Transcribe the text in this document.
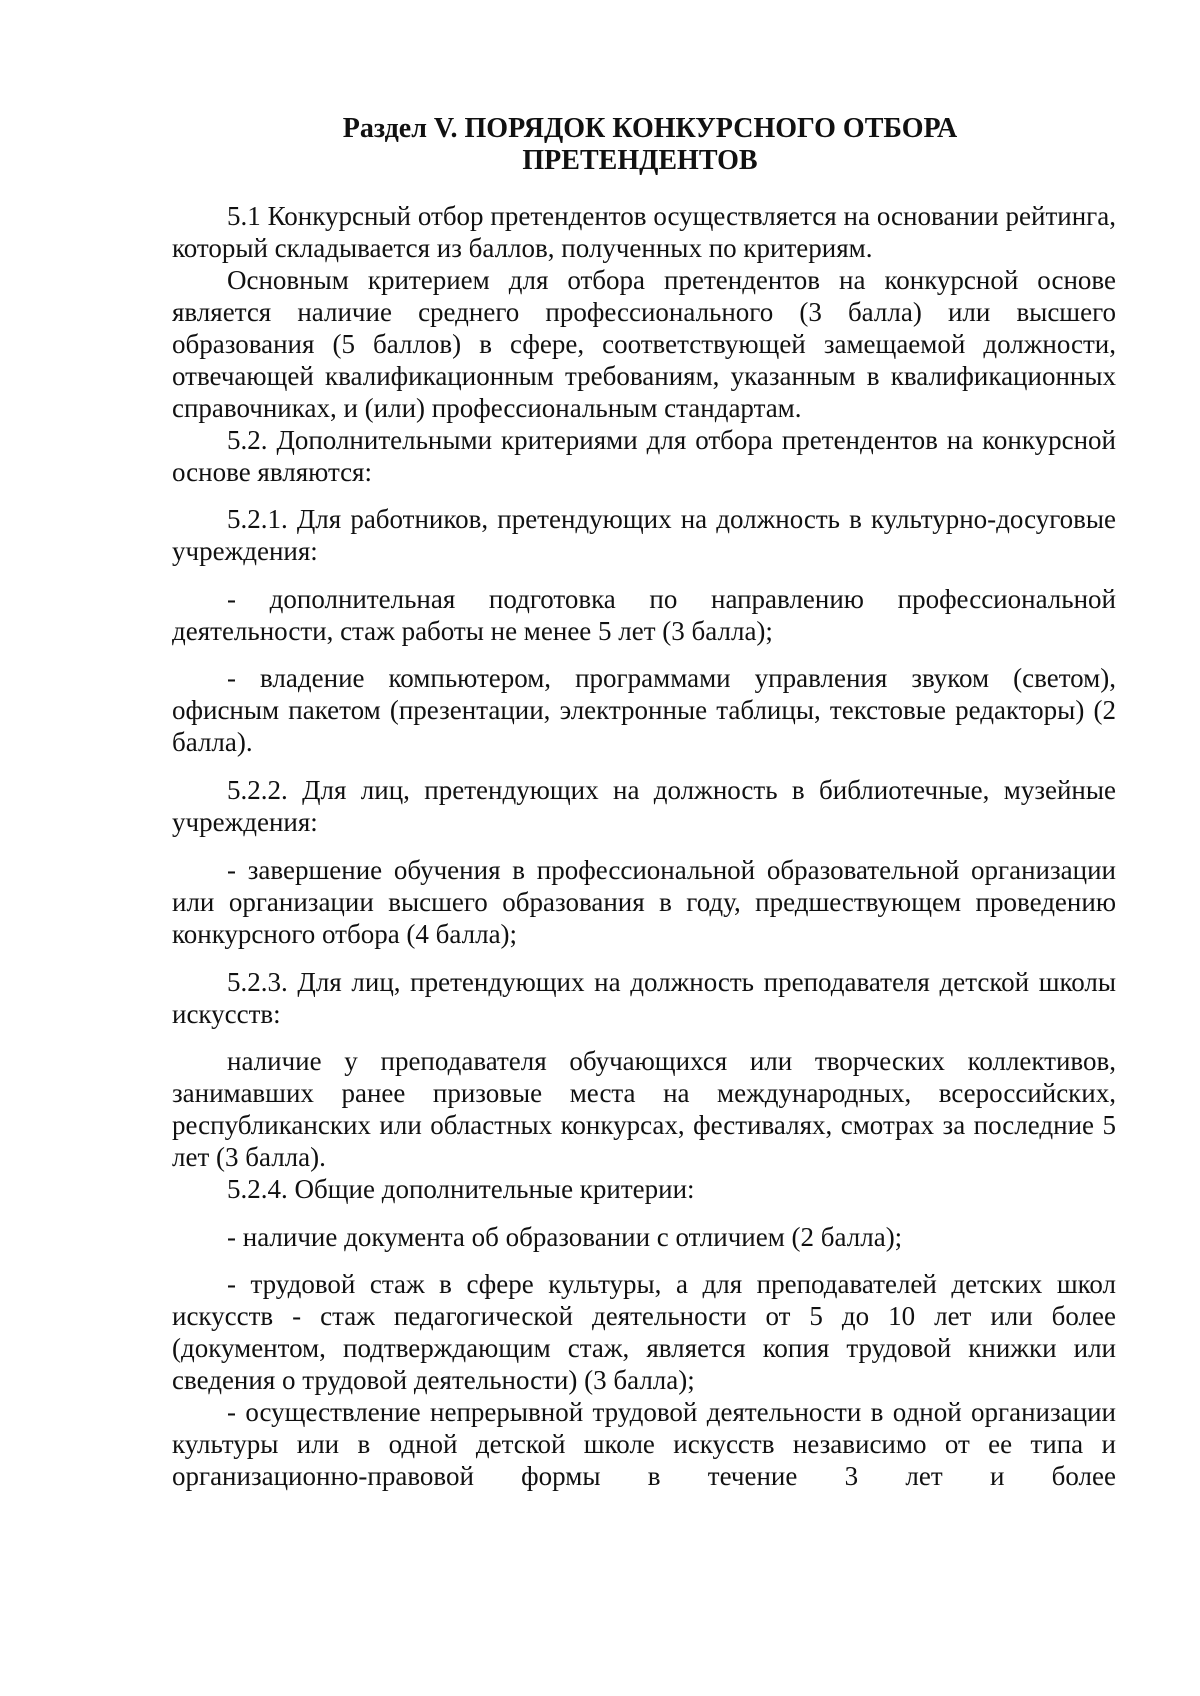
Раздел V. ПОРЯДОК КОНКУРСНОГО ОТБОРА
ПРЕТЕНДЕНТОВ

5.1 Конкурсный отбор претендентов осуществляется на основании рейтинга, который складывается из баллов, полученных по критериям.

Основным критерием для отбора претендентов на конкурсной основе является наличие среднего профессионального (3 балла) или высшего образования (5 баллов) в сфере, соответствующей замещаемой должности, отвечающей квалификационным требованиям, указанным в квалификационных справочниках, и (или) профессиональным стандартам.

5.2. Дополнительными критериями для отбора претендентов на конкурсной основе являются:

5.2.1. Для работников, претендующих на должность в культурно-досуговые учреждения:

- дополнительная подготовка по направлению профессиональной деятельности, стаж работы не менее 5 лет (3 балла);

- владение компьютером, программами управления звуком (светом), офисным пакетом (презентации, электронные таблицы, текстовые редакторы) (2 балла).

5.2.2. Для лиц, претендующих на должность в библиотечные, музейные учреждения:

- завершение обучения в профессиональной образовательной организации или организации высшего образования в году, предшествующем проведению конкурсного отбора (4 балла);

5.2.3. Для лиц, претендующих на должность преподавателя детской школы искусств:

наличие у преподавателя обучающихся или творческих коллективов, занимавших ранее призовые места на международных, всероссийских, республиканских или областных конкурсах, фестивалях, смотрах за последние 5 лет (3 балла).

5.2.4. Общие дополнительные критерии:

- наличие документа об образовании с отличием (2 балла);

- трудовой стаж в сфере культуры, а для преподавателей детских школ искусств - стаж педагогической деятельности от 5 до 10 лет или более (документом, подтверждающим стаж, является копия трудовой книжки или сведения о трудовой деятельности) (3 балла);

- осуществление непрерывной трудовой деятельности в одной организации культуры или в одной детской школе искусств независимо от ее типа и организационно-правовой формы в течение 3 лет и более
